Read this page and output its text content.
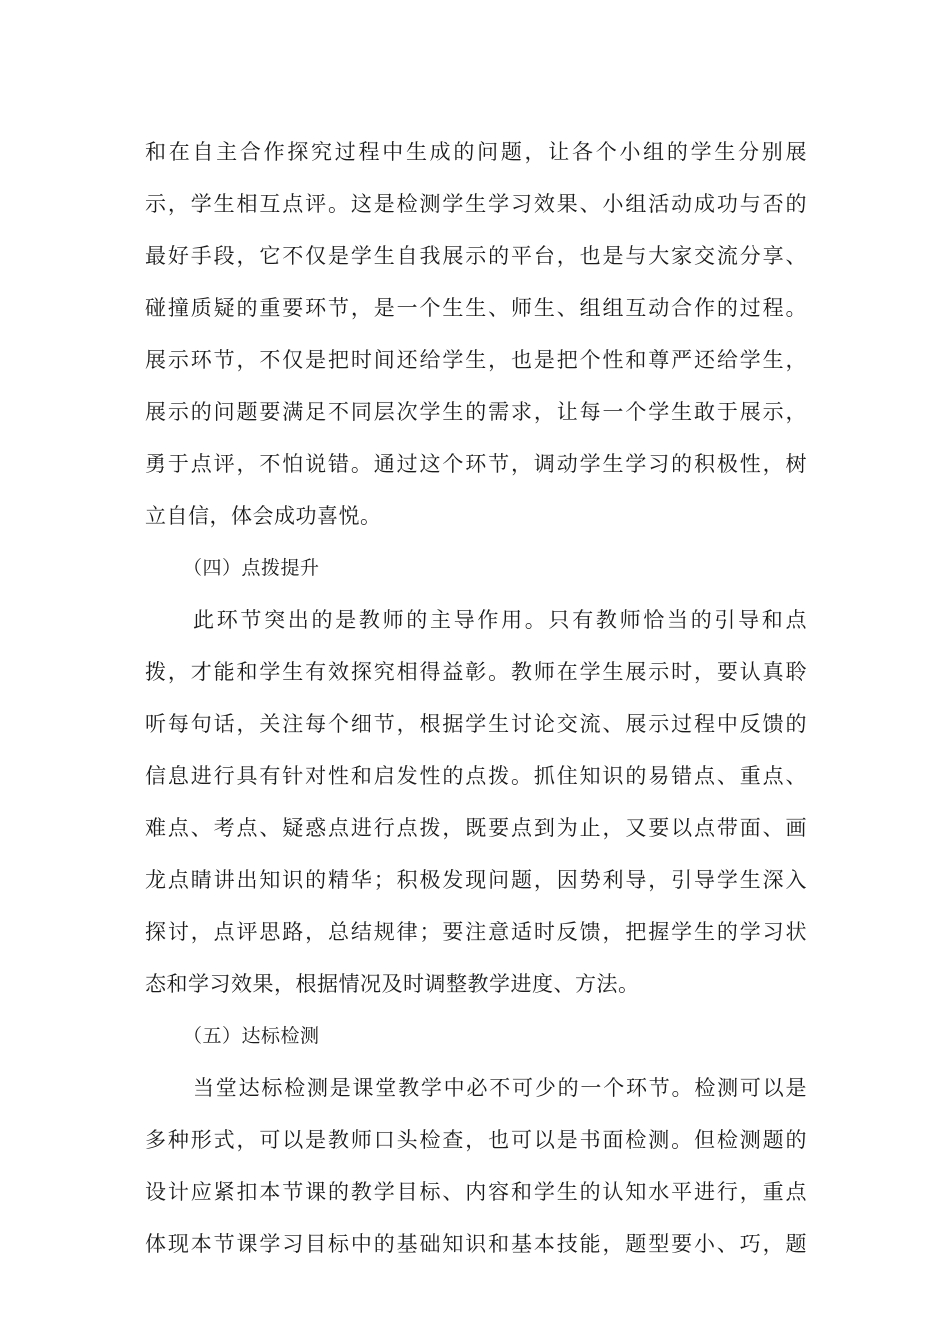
和在自主合作探究过程中生成的问题，让各个小组的学生分别展
示，学生相互点评。这是检测学生学习效果、小组活动成功与否的
最好手段，它不仅是学生自我展示的平台，也是与大家交流分享、
碰撞质疑的重要环节，是一个生生、师生、组组互动合作的过程。
展示环节，不仅是把时间还给学生，也是把个性和尊严还给学生，
展示的问题要满足不同层次学生的需求，让每一个学生敢于展示，
勇于点评，不怕说错。通过这个环节，调动学生学习的积极性，树
立自信，体会成功喜悦。
（四）点拨提升
此环节突出的是教师的主导作用。只有教师恰当的引导和点
拨，才能和学生有效探究相得益彰。教师在学生展示时，要认真聆
听每句话，关注每个细节，根据学生讨论交流、展示过程中反馈的
信息进行具有针对性和启发性的点拨。抓住知识的易错点、重点、
难点、考点、疑惑点进行点拨，既要点到为止，又要以点带面、画
龙点睛讲出知识的精华；积极发现问题，因势利导，引导学生深入
探讨，点评思路，总结规律；要注意适时反馈，把握学生的学习状
态和学习效果，根据情况及时调整教学进度、方法。
（五）达标检测
当堂达标检测是课堂教学中必不可少的一个环节。检测可以是
多种形式，可以是教师口头检查，也可以是书面检测。但检测题的
设计应紧扣本节课的教学目标、内容和学生的认知水平进行，重点
体现本节课学习目标中的基础知识和基本技能，题型要小、巧，题
